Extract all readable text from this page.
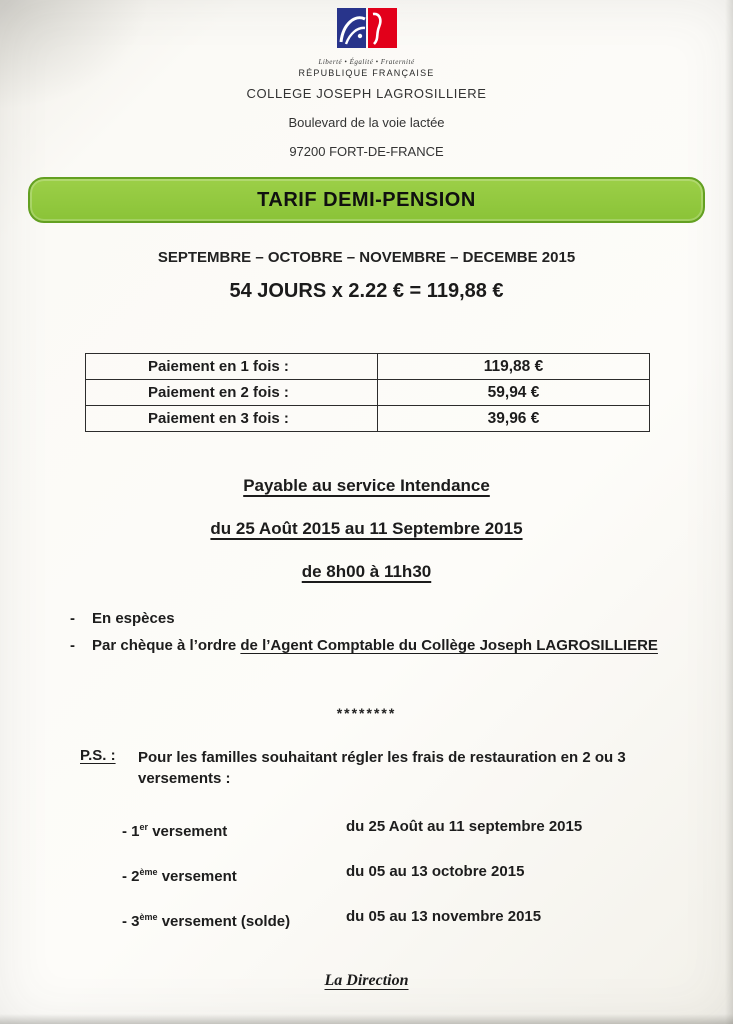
Liberté • Égalité • Fraternité
RÉPUBLIQUE FRANÇAISE
COLLEGE JOSEPH LAGROSILLIERE
Boulevard de la voie lactée
97200 FORT-DE-FRANCE
TARIF DEMI-PENSION
SEPTEMBRE – OCTOBRE – NOVEMBRE – DECEMBE 2015
54 JOURS x 2.22 € = 119,88 €
Paiement en 1 fois :	119,88 €
Paiement en 2 fois :	59,94 €
Paiement en 3 fois :	39,96 €
Payable au service Intendance
du 25 Août 2015 au 11 Septembre 2015
de 8h00 à 11h30
-	En espèces
-	Par chèque à l’ordre de l’Agent Comptable du Collège Joseph LAGROSILLIERE
********
P.S. :	Pour les familles souhaitant régler les frais de restauration en 2 ou 3
versements :
- 1er versement	du 25 Août au 11 septembre 2015
- 2ème versement	du 05 au 13 octobre 2015
- 3ème versement (solde)	du 05 au 13 novembre 2015
La Direction
